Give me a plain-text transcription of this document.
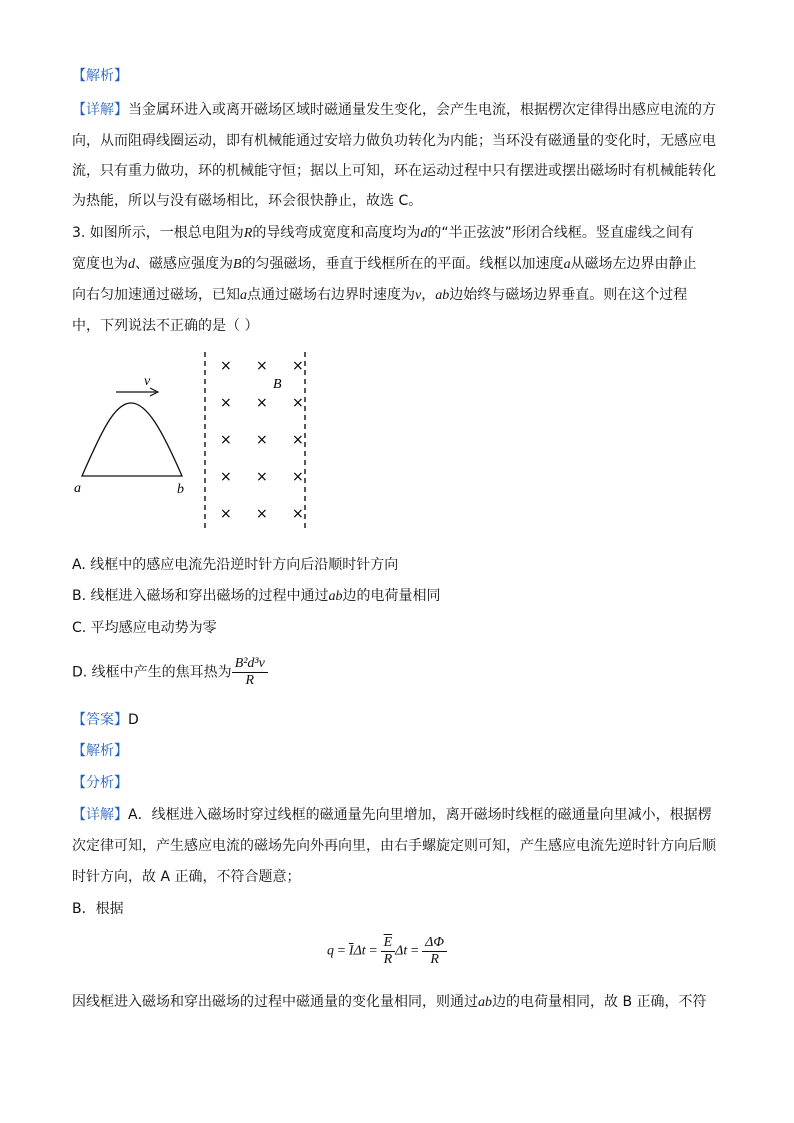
【解析】
【详解】当金属环进入或离开磁场区域时磁通量发生变化，会产生电流，根据楞次定律得出感应电流的方
向，从而阻碍线圈运动，即有机械能通过安培力做负功转化为内能；当环没有磁通量的变化时，无感应电
流，只有重力做功，环的机械能守恒；据以上可知，环在运动过程中只有摆进或摆出磁场时有机械能转化
为热能，所以与没有磁场相比，环会很快静止，故选 C。
3. 如图所示，一根总电阻为R的导线弯成宽度和高度均为d的“半正弦波”形闭合线框。竖直虚线之间有
宽度也为d、磁感应强度为B的匀强磁场，垂直于线框所在的平面。线框以加速度a从磁场左边界由静止
向右匀加速通过磁场，已知a点通过磁场右边界时速度为v，ab边始终与磁场边界垂直。则在这个过程
中，下列说法不正确的是（ ）
v
a	b
B
× × ×
× × ×
× × ×
× × ×
× × ×
A. 线框中的感应电流先沿逆时针方向后沿顺时针方向
B. 线框进入磁场和穿出磁场的过程中通过ab边的电荷量相同
C. 平均感应电动势为零
D. 线框中产生的焦耳热为 $\frac{\text{B²d³v}}{R}$
【答案】D
【解析】
【分析】
【详解】A．线框进入磁场时穿过线框的磁通量先向里增加，离开磁场时线框的磁通量向里减小，根据楞
次定律可知，产生感应电流的磁场先向外再向里，由右手螺旋定则可知，产生感应电流先逆时针方向后顺
时针方向，故 A 正确，不符合题意；
B．根据
$q = \overline{I}\Delta t = \frac{\overline{E}}{R}$ $\Delta t = \frac{\Delta\Phi}{R}$
因线框进入磁场和穿出磁场的过程中磁通量的变化量相同，则通过ab边的电荷量相同，故 B 正确，不符
